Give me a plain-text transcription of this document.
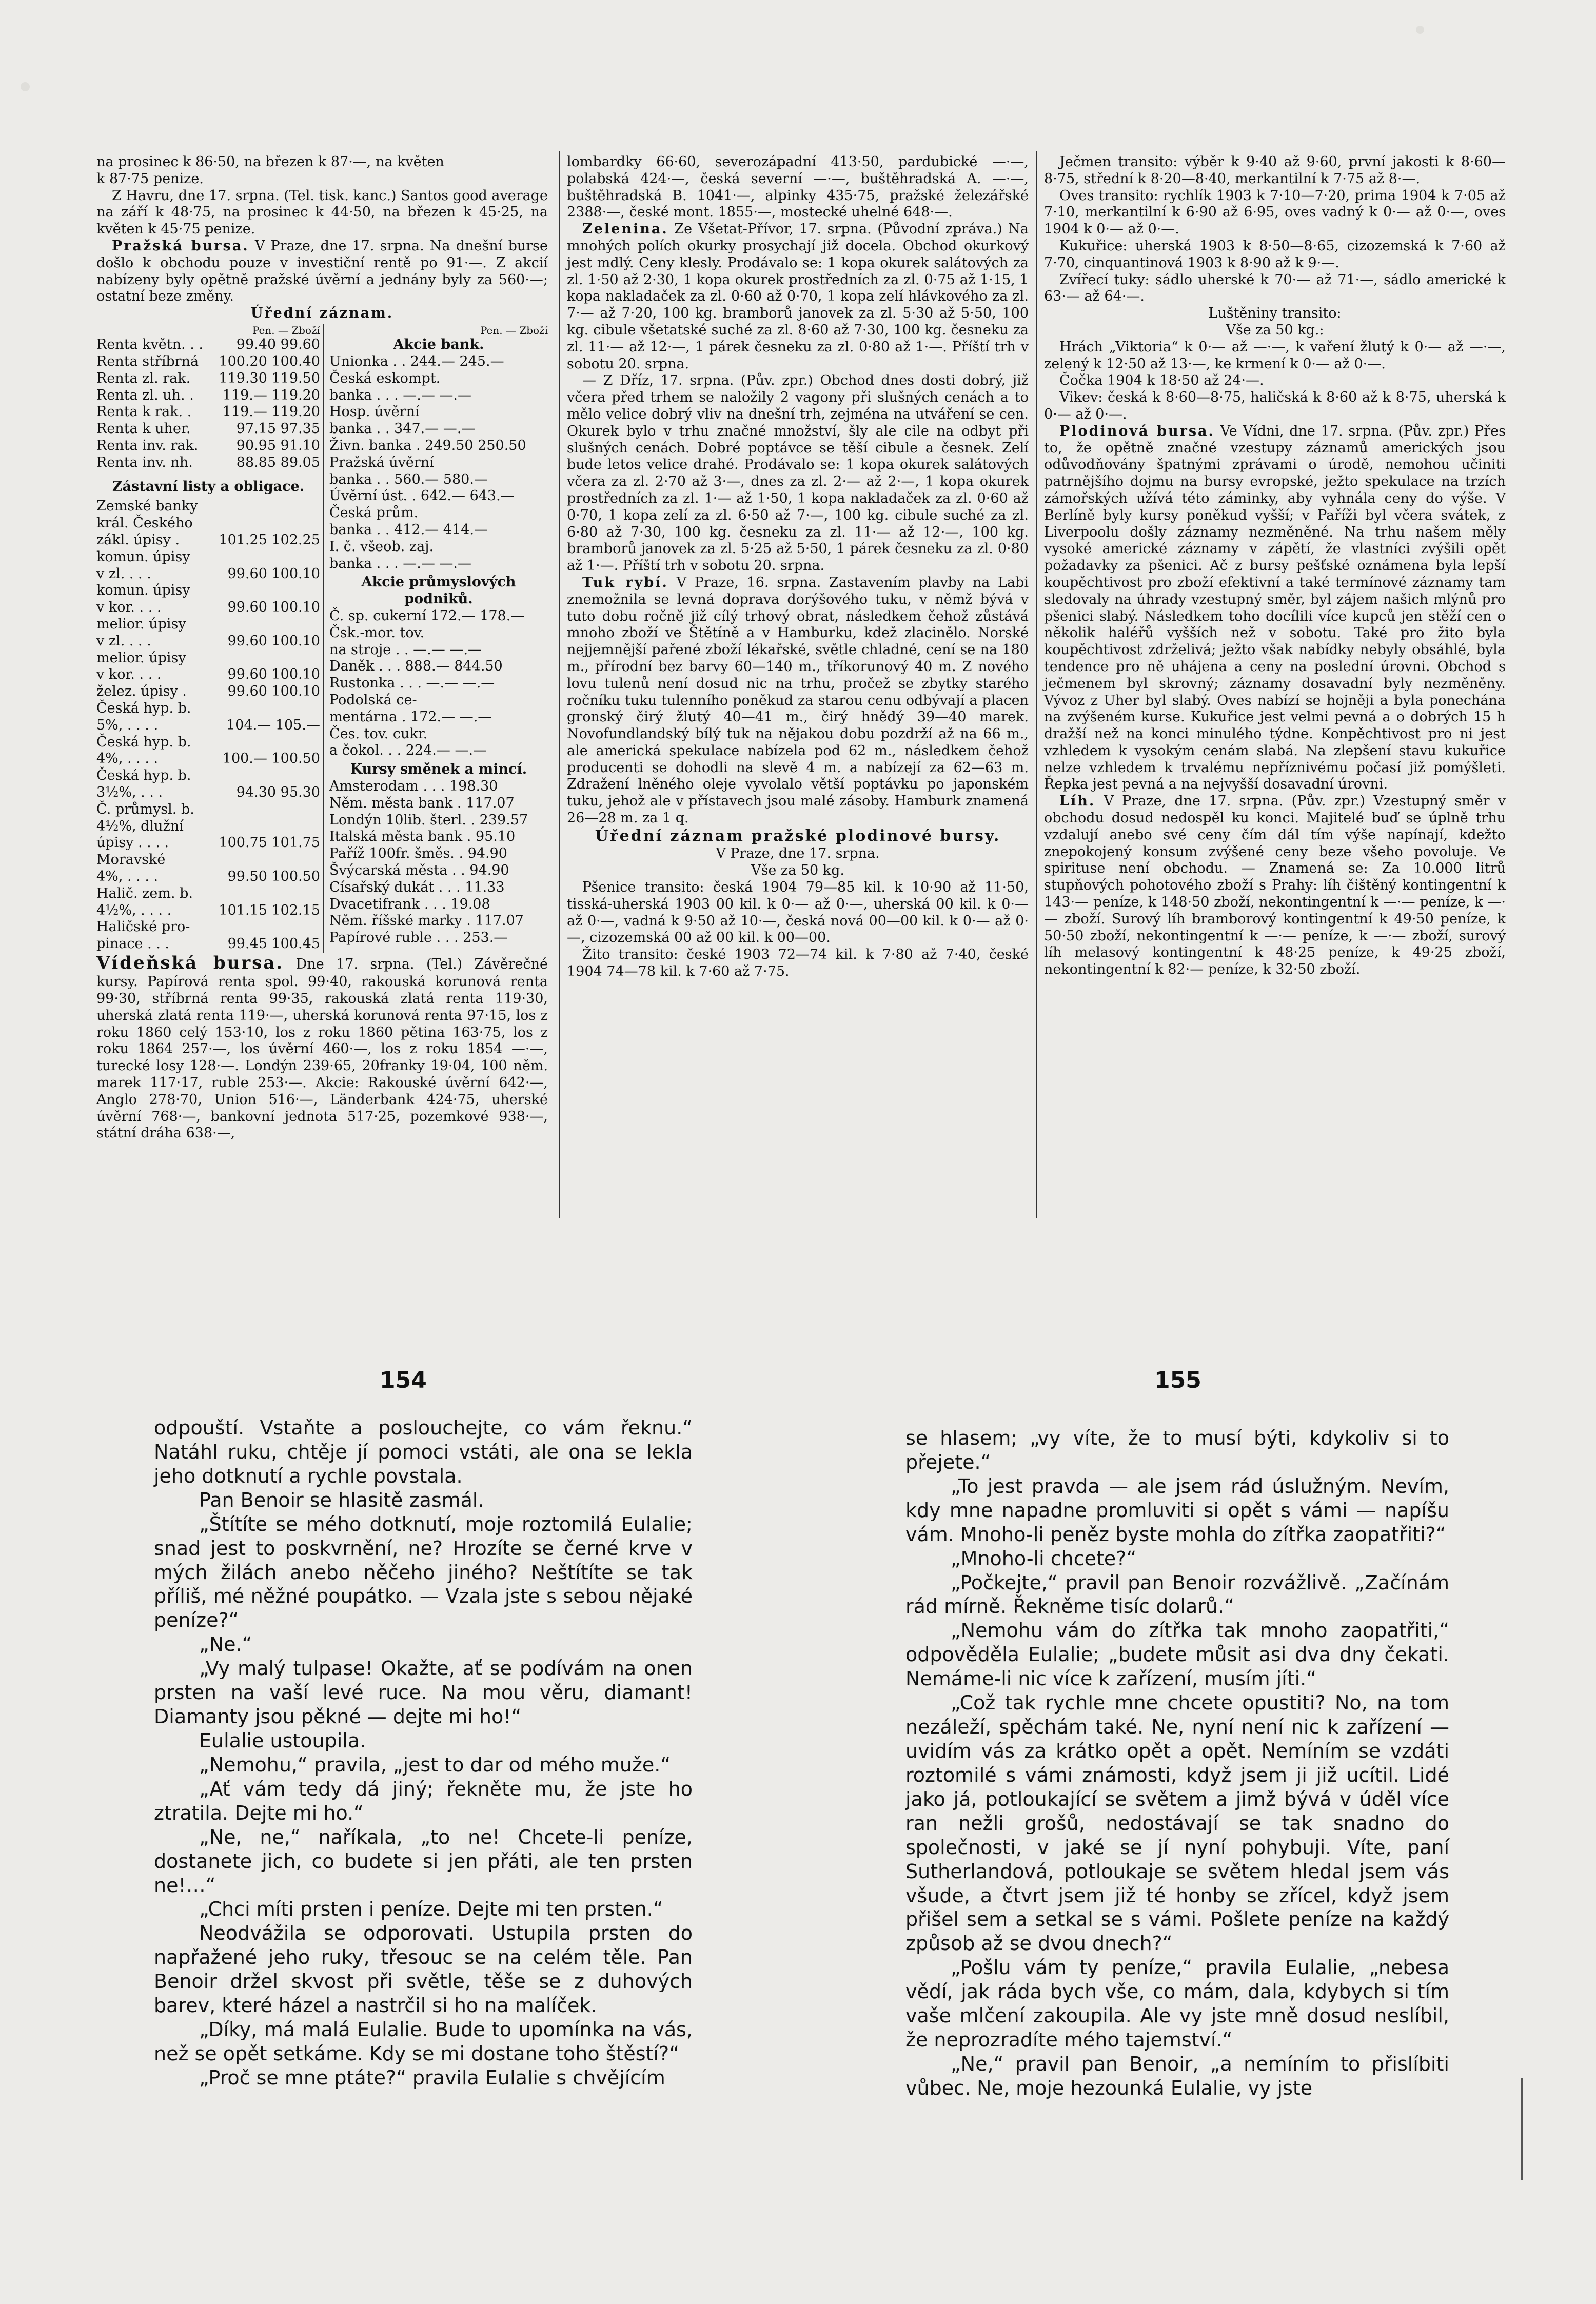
na prosinec k 86·50, na březen k 87·—, na květen

k 87·75 penize.

Z Havru, dne 17. srpna. (Tel. tisk. kanc.) Santos good average na září k 48·75, na prosinec k 44·50, na březen k 45·25, na květen k 45·75 penize.

Pražská bursa. V Praze, dne 17. srpna. Na dnešní burse došlo k obchodu pouze v investiční rentě po 91·—. Z akcií nabízeny byly opětně pražské úvěrní a jednány byly za 560·—; ostatní beze změny.

Úřední záznam.

Pen. — Zboží
Renta květn. . . 99.40 99.60
Renta stříbrná 100.20 100.40
Renta zl. rak. 119.30 119.50
Renta zl. uh. . 119.— 119.20
Renta k rak. . 119.— 119.20
Renta k uher.	97.15 97.35
Renta inv. rak.	90.95 91.10
Renta inv. nh.	88.85 89.05
Zástavní listy a obligace.
Zemské banky
král. Českého
zákl. úpisy .	101.25 102.25
komun. úpisy
v zl. . . .	99.60 100.10
komun. úpisy
v kor. . . .	99.60 100.10
melior. úpisy
v zl. . . .	99.60 100.10
melior. úpisy
v kor. . . .	99.60 100.10
želez. úpisy .	99.60 100.10
Česká hyp. b.
5%, . . . .	104.— 105.—
Česká hyp. b.
4%, . . . .	100.— 100.50
Česká hyp. b.
3½%, . . .	94.30 95.30
Č. průmysl. b.
4½%, dlužní
úpisy . . . .	100.75 101.75
Moravské
4%, . . . .	99.50 100.50
Halič. zem. b.
4½%, . . . .	101.15 102.15
Haličské pro-
pinace . . .	99.45 100.45
Pen. — Zboží
Akcie bank.
Unionka . . 244.— 245.—
Česká eskompt.
banka . . . —.— —.—
Hosp. úvěrní
banka . . 347.— —.—
Živn. banka . 249.50 250.50
Pražská úvěrní
banka . . 560.— 580.—
Úvěrní úst. . 642.— 643.—
Česká prům.
banka . . 412.— 414.—
I. č. všeob. zaj.
banka . . . —.— —.—
Akcie průmyslových podniků.
Č. sp. cukerní 172.— 178.—
Čsk.-mor. tov.
na stroje . . —.— —.—
Daněk . . . 888.— 844.50
Rustonka . . . —.— —.—
Podolská ce-
mentárna . 172.— —.—
Čes. tov. cukr.
a čokol. . . 224.— —.—
Kursy směnek a mincí.
Amsterodam . . . 198.30
Něm. města bank . 117.07
Londýn 10lib. šterl. . 239.57
Italská města bank . 95.10
Paříž 100fr. šměs. . 94.90
Švýcarská města . . 94.90
Císařský dukát . . . 11.33
Dvacetifrank . . . 19.08
Něm. říšské marky . 117.07
Papírové ruble . . . 253.—

Vídeňská bursa. Dne 17. srpna. (Tel.) Závěrečné kursy. Papírová renta spol. 99·40, rakouská korunová renta 99·30, stříbrná renta 99·35, rakouská zlatá renta 119·30, uherská zlatá renta 119·—, uherská korunová renta 97·15, los z roku 1860 celý 153·10, los z roku 1860 pětina 163·75, los z roku 1864 257·—, los úvěrní 460·—, los z roku 1854 —·—, turecké losy 128·—. Londýn 239·65, 20franky 19·04, 100 něm. marek 117·17, ruble 253·—. Akcie: Rakouské úvěrní 642·—, Anglo 278·70, Union 516·—, Länderbank 424·75, uherské úvěrní 768·—, bankovní jednota 517·25, pozemkové 938·—, státní dráha 638·—,

lombardky 66·60, severozápadní 413·50, pardubické —·—, polabská 424·—, česká severní —·—, buštěhradská A. —·—, buštěhradská B. 1041·—, alpinky 435·75, pražské železářské 2388·—, české mont. 1855·—, mostecké uhelné 648·—.

Zelenina. Ze Všetat-Přívor, 17. srpna. (Původní zpráva.) Na mnohých polích okurky prosychají již docela. Obchod okurkový jest mdlý. Ceny klesly. Prodávalo se: 1 kopa okurek salátových za zl. 1·50 až 2·30, 1 kopa okurek prostředních za zl. 0·75 až 1·15, 1 kopa nakladaček za zl. 0·60 až 0·70, 1 kopa zelí hlávkového za zl. 7·— až 7·20, 100 kg. bramborů janovek za zl. 5·30 až 5·50, 100 kg. cibule všetatské suché za zl. 8·60 až 7·30, 100 kg. česneku za zl. 11·— až 12·—, 1 párek česneku za zl. 0·80 až 1·—. Příští trh v sobotu 20. srpna.

— Z Dříz, 17. srpna. (Pův. zpr.) Obchod dnes dosti dobrý, již včera před trhem se naložily 2 vagony při slušných cenách a to mělo velice dobrý vliv na dnešní trh, zejména na utváření se cen. Okurek bylo v trhu značné množství, šly ale cile na odbyt při slušných cenách. Dobré poptávce se těší cibule a česnek. Zelí bude letos velice drahé. Prodávalo se: 1 kopa okurek salátových včera za zl. 2·70 až 3·—, dnes za zl. 2·— až 2·—, 1 kopa okurek prostředních za zl. 1·— až 1·50, 1 kopa nakladaček za zl. 0·60 až 0·70, 1 kopa zelí za zl. 6·50 až 7·—, 100 kg. cibule suché za zl. 6·80 až 7·30, 100 kg. česneku za zl. 11·— až 12·—, 100 kg. bramborů janovek za zl. 5·25 až 5·50, 1 párek česneku za zl. 0·80 až 1·—. Příští trh v sobotu 20. srpna.

Tuk rybí. V Praze, 16. srpna. Zastavením plavby na Labi znemožnila se levná doprava dorýšového tuku, v němž bývá v tuto dobu ročně již cílý trhový obrat, následkem čehož zůstává mnoho zboží ve Štětíně a v Hamburku, kdež zlacinělo. Norské nejjemnější pařené zboží lékařské, světle chladné, cení se na 180 m., přírodní bez barvy 60—140 m., tříkorunový 40 m. Z nového lovu tulenů není dosud nic na trhu, pročež se zbytky starého ročníku tuku tulenního poněkud za starou cenu odbývají a placen gronský čirý žlutý 40—41 m., čirý hnědý 39—40 marek. Novofundlandský bílý tuk na nějakou dobu pozdrží až na 66 m., ale americká spekulace nabízela pod 62 m., následkem čehož producenti se dohodli na slevě 4 m. a nabízejí za 62—63 m. Zdražení lněného oleje vyvolalo větší poptávku po japonském tuku, jehož ale v přístavech jsou malé zásoby. Hamburk znamená 26—28 m. za 1 q.

Úřední záznam pražské plodinové bursy.

V Praze, dne 17. srpna.

Vše za 50 kg.

Pšenice transito: česká 1904 79—85 kil. k 10·90 až 11·50, tisská-uherská 1903 00 kil. k 0·— až 0·—, uherská 00 kil. k 0·— až 0·—, vadná k 9·50 až 10·—, česká nová 00—00 kil. k 0·— až 0·—, cizozemská 00 až 00 kil. k 00—00.

Žito transito: české 1903 72—74 kil. k 7·80 až 7·40, české 1904 74—78 kil. k 7·60 až 7·75.

Ječmen transito: výběr k 9·40 až 9·60, první jakosti k 8·60—8·75, střední k 8·20—8·40, merkantilní k 7·75 až 8·—.

Oves transito: rychlík 1903 k 7·10—7·20, prima 1904 k 7·05 až 7·10, merkantilní k 6·90 až 6·95, oves vadný k 0·— až 0·—, oves 1904 k 0·— až 0·—.

Kukuřice: uherská 1903 k 8·50—8·65, cizozemská k 7·60 až 7·70, cinquantinová 1903 k 8·90 až k 9·—.

Zvířecí tuky: sádlo uherské k 70·— až 71·—, sádlo americké k 63·— až 64·—.

Luštěniny transito:

Vše za 50 kg.:

Hrách „Viktoria“ k 0·— až —·—, k vaření žlutý k 0·— až —·—, zelený k 12·50 až 13·—, ke krmení k 0·— až 0·—.

Čočka 1904 k 18·50 až 24·—.

Vikev: česká k 8·60—8·75, haličská k 8·60 až k 8·75, uherská k 0·— až 0·—.

Plodinová bursa. Ve Vídni, dne 17. srpna. (Pův. zpr.) Přes to, že opětně značné vzestupy záznamů amerických jsou odůvodňovány špatnými zprávami o úrodě, nemohou učiniti patrnějšího dojmu na bursy evropské, ježto spekulace na trzích zámořských užívá této záminky, aby vyhnála ceny do výše. V Berlíně byly kursy poněkud vyšší; v Paříži byl včera svátek, z Liverpoolu došly záznamy nezměněné. Na trhu našem měly vysoké americké záznamy v zápětí, že vlastníci zvýšili opět požadavky za pšenici. Ač z bursy pešťské oznámena byla lepší koupěchtivost pro zboží efektivní a také termínové záznamy tam sledovaly na úhrady vzestupný směr, byl zájem našich mlýnů pro pšenici slabý. Následkem toho docílili více kupců jen stěží cen o několik haléřů vyšších než v sobotu. Také pro žito byla koupěchtivost zdrželivá; ježto však nabídky nebyly obsáhlé, byla tendence pro ně uhájena a ceny na poslední úrovni. Obchod s ječmenem byl skrovný; záznamy dosavadní byly nezměněny. Vývoz z Uher byl slabý. Oves nabízí se hojněji a byla ponechána na zvýšeném kurse. Kukuřice jest velmi pevná a o dobrých 15 h dražší než na konci minulého týdne. Konpěchtivost pro ni jest vzhledem k vysokým cenám slabá. Na zlepšení stavu kukuřice nelze vzhledem k trvalému nepříznivému počasí již pomýšleti. Řepka jest pevná a na nejvyšší dosavadní úrovni.

Líh. V Praze, dne 17. srpna. (Pův. zpr.) Vzestupný směr v obchodu dosud nedospěl ku konci. Majitelé buď se úplně trhu vzdalují anebo své ceny čím dál tím výše napínají, kdežto znepokojený konsum zvýšené ceny beze všeho povoluje. Ve spirituse není obchodu. — Znamená se: Za 10.000 litrů stupňových pohotového zboží s Prahy: líh čištěný kontingentní k 143·— peníze, k 148·50 zboží, nekontingentní k —·— peníze, k —·— zboží. Surový líh bramborový kontingentní k 49·50 peníze, k 50·50 zboží, nekontingentní k —·— peníze, k —·— zboží, surový líh melasový kontingentní k 48·25 peníze, k 49·25 zboží, nekontingentní k 82·— peníze, k 32·50 zboží.

154	155

odpouští. Vstaňte a poslouchejte, co vám řeknu.“ Natáhl ruku, chtěje jí pomoci vstáti, ale ona se lekla jeho dotknutí a rychle povstala.

Pan Benoir se hlasitě zasmál.

„Štítíte se mého dotknutí, moje roztomilá Eulalie; snad jest to poskvrnění, ne? Hrozíte se černé krve v mých žilách anebo něčeho jiného? Neštítíte se tak příliš, mé něžné poupátko. — Vzala jste s sebou nějaké peníze?“

„Ne.“

„Vy malý tulpase! Okažte, ať se podívám na onen prsten na vaší levé ruce. Na mou věru, diamant! Diamanty jsou pěkné — dejte mi ho!“

Eulalie ustoupila.

„Nemohu,“ pravila, „jest to dar od mého muže.“

„Ať vám tedy dá jiný; řekněte mu, že jste ho ztratila. Dejte mi ho.“

„Ne, ne,“ naříkala, „to ne! Chcete-li peníze, dostanete jich, co budete si jen přáti, ale ten prsten ne!…“

„Chci míti prsten i peníze. Dejte mi ten prsten.“

Neodvážila se odporovati. Ustupila prsten do napřažené jeho ruky, třesouc se na celém těle. Pan Benoir držel skvost při světle, těše se z duhových barev, které házel a nastrčil si ho na malíček.

„Díky, má malá Eulalie. Bude to upomínka na vás, než se opět setkáme. Kdy se mi dostane toho štěstí?“

„Proč se mne ptáte?“ pravila Eulalie s chvějícím

se hlasem; „vy víte, že to musí býti, kdykoliv si to přejete.“

„To jest pravda — ale jsem rád úslužným. Nevím, kdy mne napadne promluviti si opět s vámi — napíšu vám. Mnoho-li peněz byste mohla do zítřka zaopatřiti?“

„Mnoho-li chcete?“

„Počkejte,“ pravil pan Benoir rozvážlivě. „Začínám rád mírně. Řekněme tisíc dolarů.“

„Nemohu vám do zítřka tak mnoho zaopatřiti,“ odpověděla Eulalie; „budete můsit asi dva dny čekati. Nemáme-li nic více k zařízení, musím jíti.“

„Což tak rychle mne chcete opustiti? No, na tom nezáleží, spěchám také. Ne, nyní není nic k zařízení — uvidím vás za krátko opět a opět. Nemíním se vzdáti roztomilé s vámi známosti, když jsem ji již ucítil. Lidé jako já, potloukající se světem a jimž bývá v úděl více ran nežli grošů, nedostávají se tak snadno do společnosti, v jaké se jí nyní pohybuji. Víte, paní Sutherlandová, potloukaje se světem hledal jsem vás všude, a čtvrt jsem již té honby se zřícel, když jsem přišel sem a setkal se s vámi. Pošlete peníze na každý způsob až se dvou dnech?“

„Pošlu vám ty peníze,“ pravila Eulalie, „nebesa vědí, jak ráda bych vše, co mám, dala, kdybych si tím vaše mlčení zakoupila. Ale vy jste mně dosud neslíbil, že neprozradíte mého tajemství.“

„Ne,“ pravil pan Benoir, „a nemíním to přislíbiti vůbec. Ne, moje hezounká Eulalie, vy jste
